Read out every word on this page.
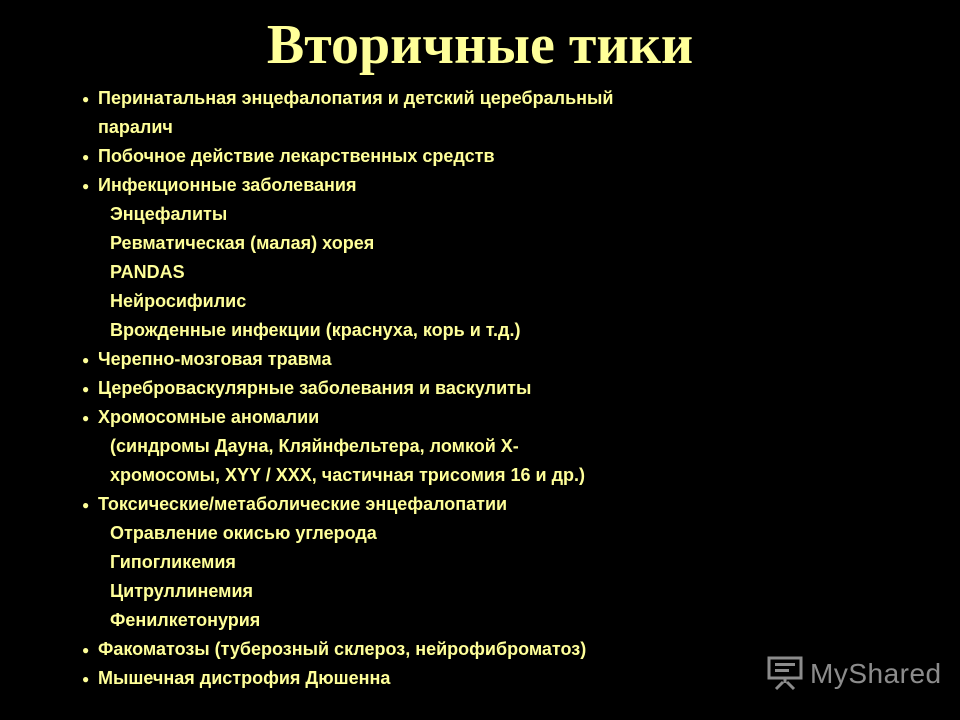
Вторичные тики
● Перинатальная энцефалопатия и детский церебральный
паралич
● Побочное действие лекарственных средств
● Инфекционные заболевания
Энцефалиты
Ревматическая (малая) хорея
PANDAS
Нейросифилис
Врожденные инфекции (краснуха, корь и т.д.)
● Черепно-мозговая травма
● Цереброваскулярные заболевания и васкулиты
● Хромосомные аномалии
(синдромы Дауна, Кляйнфельтера, ломкой Х-
хромосомы, XYY / XXX, частичная трисомия 16 и др.)
● Токсические/метаболические энцефалопатии
Отравление окисью углерода
Гипогликемия
Цитруллинемия
Фенилкетонурия
● Факоматозы (туберозный склероз, нейрофиброматоз)
● Мышечная дистрофия Дюшенна	MyShared
